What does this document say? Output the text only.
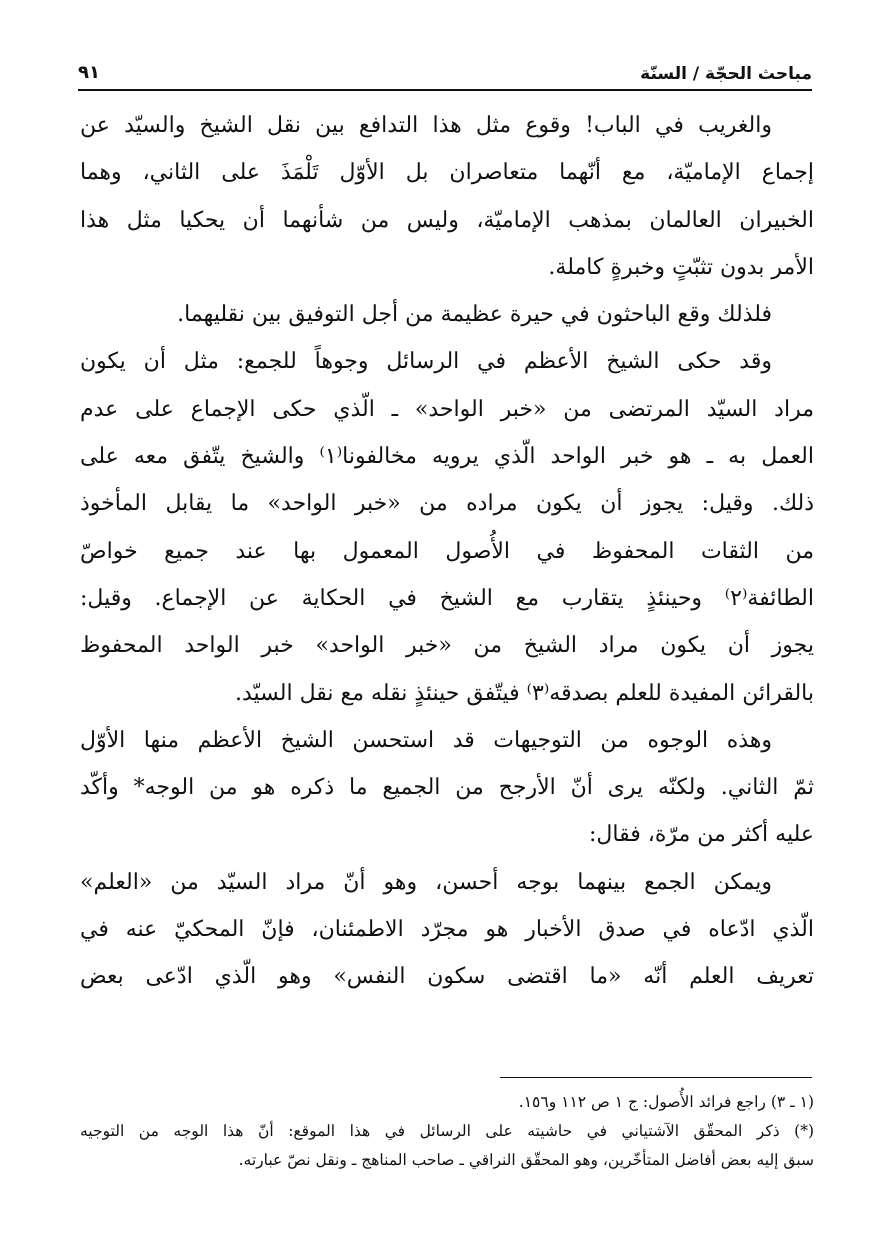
مباحث الحجّة / السنّة
٩١
والغريب في الباب! وقوع مثل هذا التدافع بين نقل الشيخ والسيّد عن
إجماع الإماميّة، مع أنّهما متعاصران بل الأوّل تَلْمَذَ على الثاني، وهما
الخبيران العالمان بمذهب الإماميّة، وليس من شأنهما أن يحكيا مثل هذا
الأمر بدون تثبّتٍ وخبرةٍ كاملة.
فلذلك وقع الباحثون في حيرة عظيمة من أجل التوفيق بين نقليهما.
وقد حكى الشيخ الأعظم في الرسائل وجوهاً للجمع: مثل أن يكون
مراد السيّد المرتضى من «خبر الواحد» ـ الّذي حكى الإجماع على عدم
العمل به ـ هو خبر الواحد الّذي يرويه مخالفونا⁽١⁾ والشيخ يتّفق معه على
ذلك. وقيل: يجوز أن يكون مراده من «خبر الواحد» ما يقابل المأخوذ
من الثقات المحفوظ في الأُصول المعمول بها عند جميع خواصّ
الطائفة⁽٢⁾ وحينئذٍ يتقارب مع الشيخ في الحكاية عن الإجماع. وقيل:
يجوز أن يكون مراد الشيخ من «خبر الواحد» خبر الواحد المحفوظ
بالقرائن المفيدة للعلم بصدقه⁽٣⁾ فيتّفق حينئذٍ نقله مع نقل السيّد.
وهذه الوجوه من التوجيهات قد استحسن الشيخ الأعظم منها الأوّل
ثمّ الثاني. ولكنّه يرى أنّ الأرجح من الجميع ما ذكره هو من الوجه* وأكّد
عليه أكثر من مرّة، فقال:
ويمكن الجمع بينهما بوجه أحسن، وهو أنّ مراد السيّد من «العلم»
الّذي ادّعاه في صدق الأخبار هو مجرّد الاطمئنان، فإنّ المحكيّ عنه في
تعريف العلم أنّه «ما اقتضى سكون النفس» وهو الّذي ادّعى بعض
(١ ـ ٣) راجع فرائد الأُصول: ج ١ ص ١١٢ و١٥٦.
(*) ذكر المحقّق الآشتياني في حاشيته على الرسائل في هذا الموقع: أنّ هذا الوجه من التوجيه
سبق إليه بعض أفاضل المتأخّرين، وهو المحقّق النراقي ـ صاحب المناهج ـ ونقل نصّ عبارته.
